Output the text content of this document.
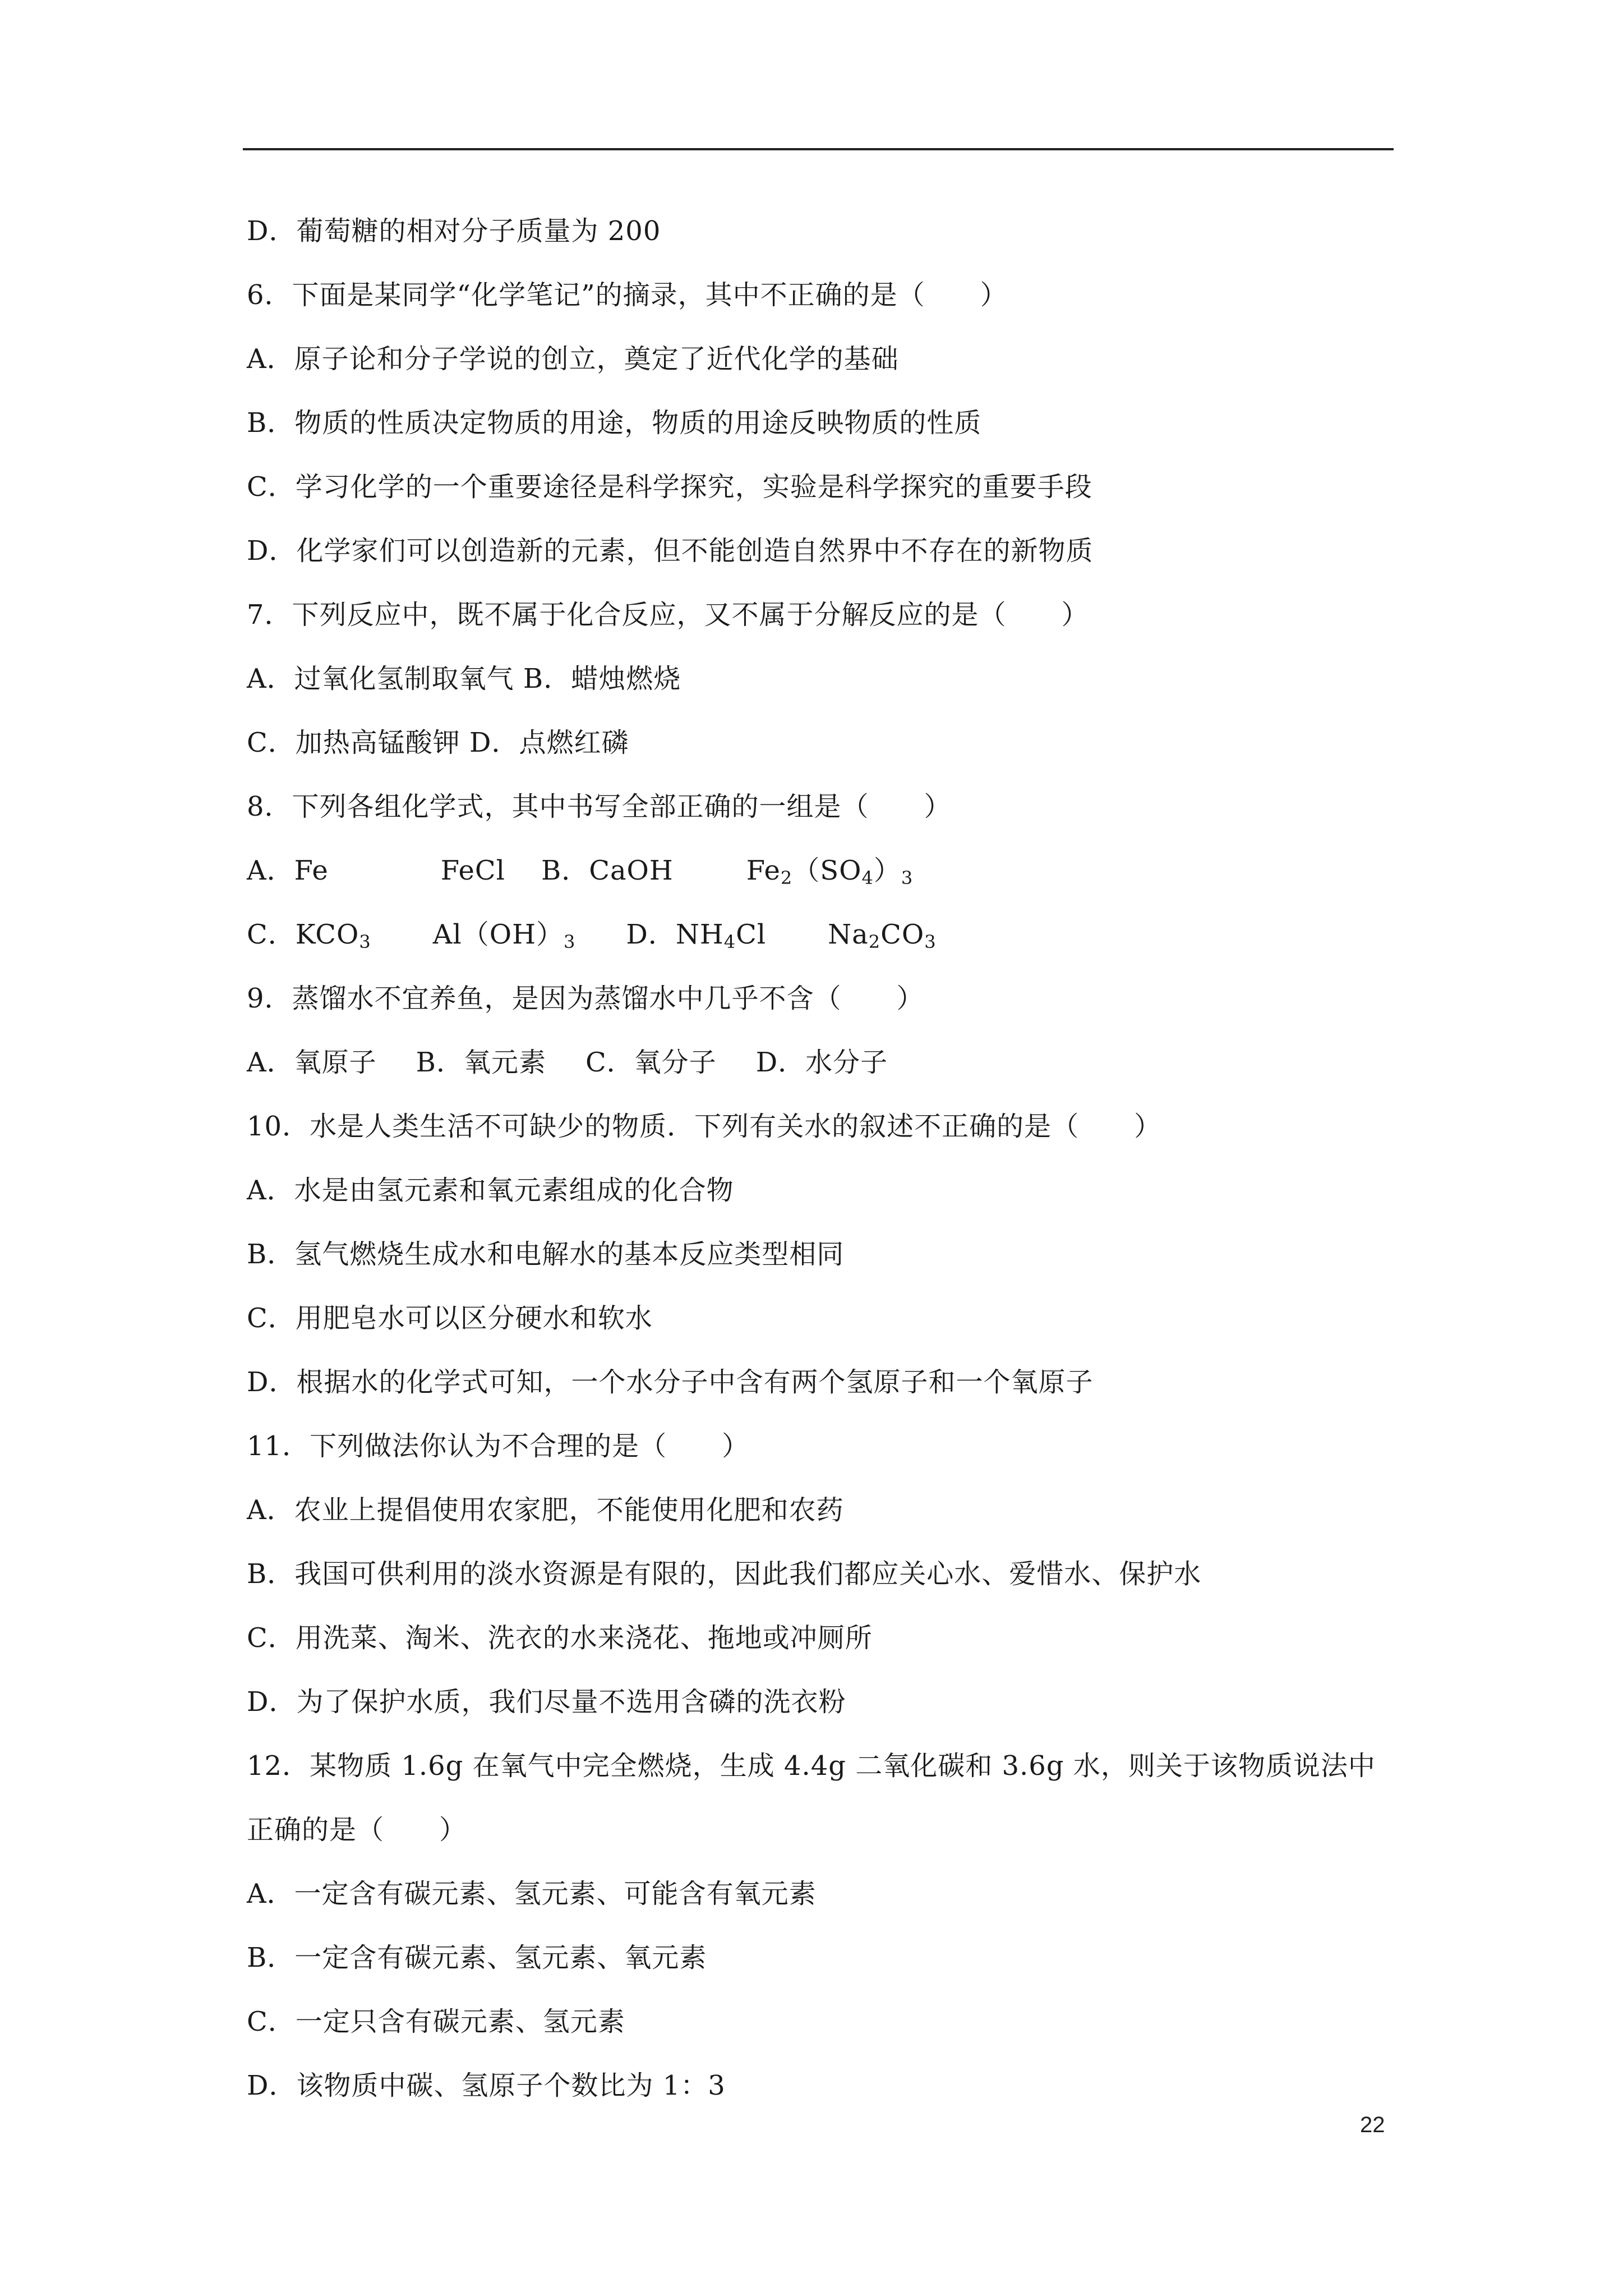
D．葡萄糖的相对分子质量为 200
6．下面是某同学“化学笔记”的摘录，其中不正确的是（　　）
A．原子论和分子学说的创立，奠定了近代化学的基础
B．物质的性质决定物质的用途，物质的用途反映物质的性质
C．学习化学的一个重要途径是科学探究，实验是科学探究的重要手段
D．化学家们可以创造新的元素，但不能创造自然界中不存在的新物质
7．下列反应中，既不属于化合反应，又不属于分解反应的是（　　）
A．过氧化氢制取氧气 B．蜡烛燃烧
C．加热高锰酸钾 D．点燃红磷
8．下列各组化学式，其中书写全部正确的一组是（　　）
A．Fe	FeCl B．CaOH	$Fe_2(SO_4)_3$
C．$KCO_3$ $Al(OH)_3$ D．$NH_4Cl$ $Na_2CO_3$
9．蒸馏水不宜养鱼，是因为蒸馏水中几乎不含（　　）
A．氧原子 B．氧元素 C．氧分子 D．水分子
10．水是人类生活不可缺少的物质．下列有关水的叙述不正确的是（　　）
A．水是由氢元素和氧元素组成的化合物
B．氢气燃烧生成水和电解水的基本反应类型相同
C．用肥皂水可以区分硬水和软水
D．根据水的化学式可知，一个水分子中含有两个氢原子和一个氧原子
11．下列做法你认为不合理的是（　　）
A．农业上提倡使用农家肥，不能使用化肥和农药
B．我国可供利用的淡水资源是有限的，因此我们都应关心水、爱惜水、保护水
C．用洗菜、淘米、洗衣的水来浇花、拖地或冲厕所
D．为了保护水质，我们尽量不选用含磷的洗衣粉
12．某物质 1.6g 在氧气中完全燃烧，生成 4.4g 二氧化碳和 3.6g 水，则关于该物质说法中
正确的是（　　）
A．一定含有碳元素、氢元素、可能含有氧元素
B．一定含有碳元素、氢元素、氧元素
C．一定只含有碳元素、氢元素
D．该物质中碳、氢原子个数比为 1：3
22
